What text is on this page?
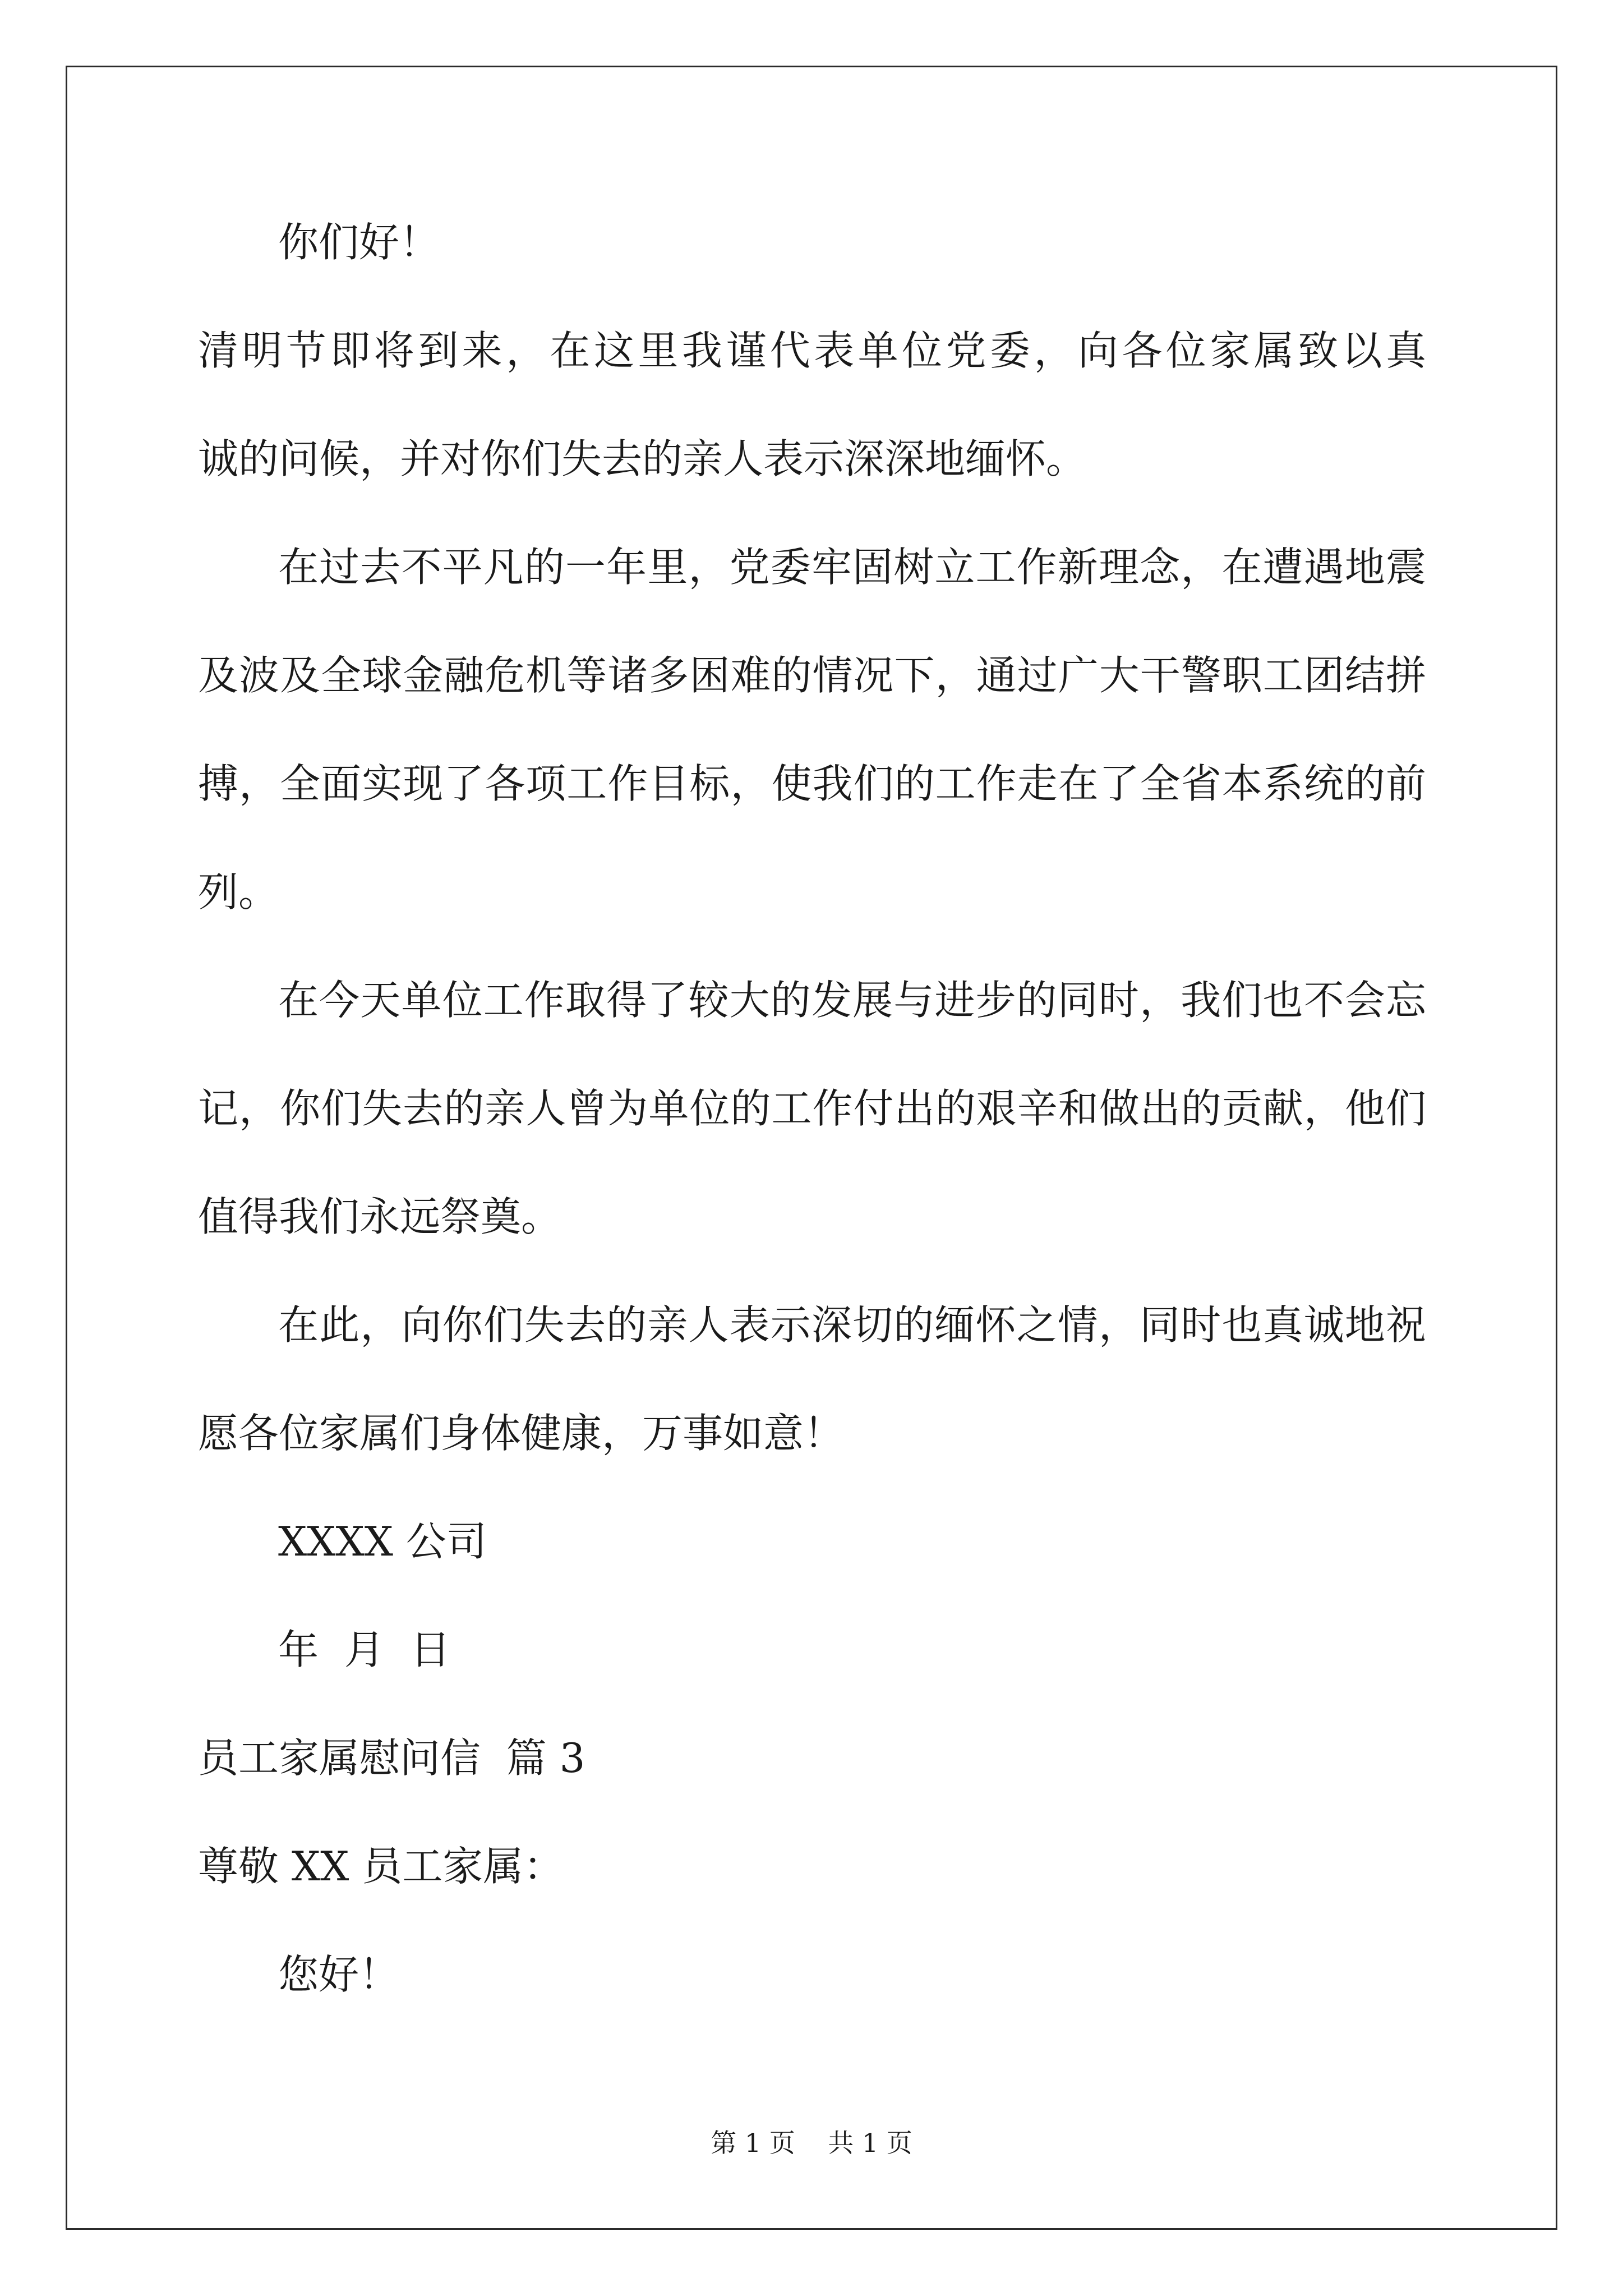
你们好！
清明节即将到来，在这里我谨代表单位党委，向各位家属致以真
诚的问候，并对你们失去的亲人表示深深地缅怀。
在过去不平凡的一年里，党委牢固树立工作新理念，在遭遇地震
及波及全球金融危机等诸多困难的情况下，通过广大干警职工团结拼
搏，全面实现了各项工作目标，使我们的工作走在了全省本系统的前
列。
在今天单位工作取得了较大的发展与进步的同时，我们也不会忘
记，你们失去的亲人曾为单位的工作付出的艰辛和做出的贡献，他们
值得我们永远祭奠。
在此，向你们失去的亲人表示深切的缅怀之情，同时也真诚地祝
愿各位家属们身体健康，万事如意！
XXXX 公司
年  月  日
员工家属慰问信  篇 3
尊敬 XX 员工家属：
您好！
第 1 页    共 1 页
